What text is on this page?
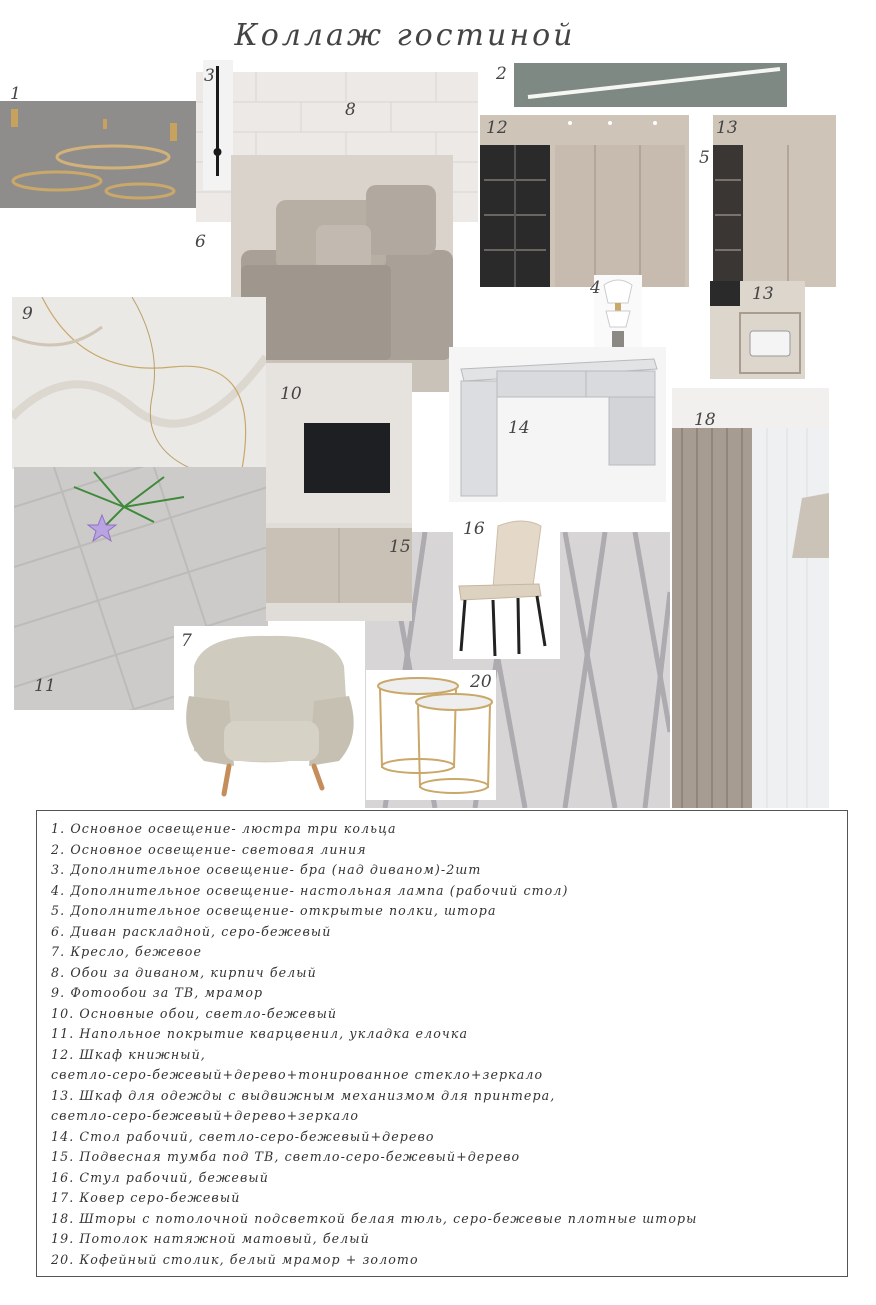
Коллаж гостиной
1
8
3	2
6
12	13
5
13
4
14
9
11
10
15
16
18
7
20
1. Основное освещение- люстра три кольца
2. Основное освещение- световая линия
3. Дополнительное освещение- бра (над диваном)-2шт
4. Дополнительное освещение- настольная лампа (рабочий стол)
5. Дополнительное освещение- открытые полки, шторa
6. Диван раскладной, серо-бежевый
7. Кресло, бежевое
8. Обои за диваном, кирпич белый
9. Фотообои за ТВ, мрамор
10. Основные обои, светло-бежевый
11. Напольное покрытие кварцвенил, укладка елочка
12. Шкаф книжный,
светло-серо-бежевый+дерево+тонированное стекло+зеркало
13. Шкаф для одежды с выдвижным механизмом для принтера,
светло-серо-бежевый+дерево+зеркало
14. Стол рабочий, светло-серо-бежевый+дерево
15. Подвесная тумба под ТВ, светло-серо-бежевый+дерево
16. Стул рабочий, бежевый
17. Ковер серо-бежевый
18. Шторы с потолочной подсветкой белая тюль, серо-бежевые плотные шторы
19. Потолок натяжной матовый, белый
20. Кофейный столик, белый мрамор + золото
